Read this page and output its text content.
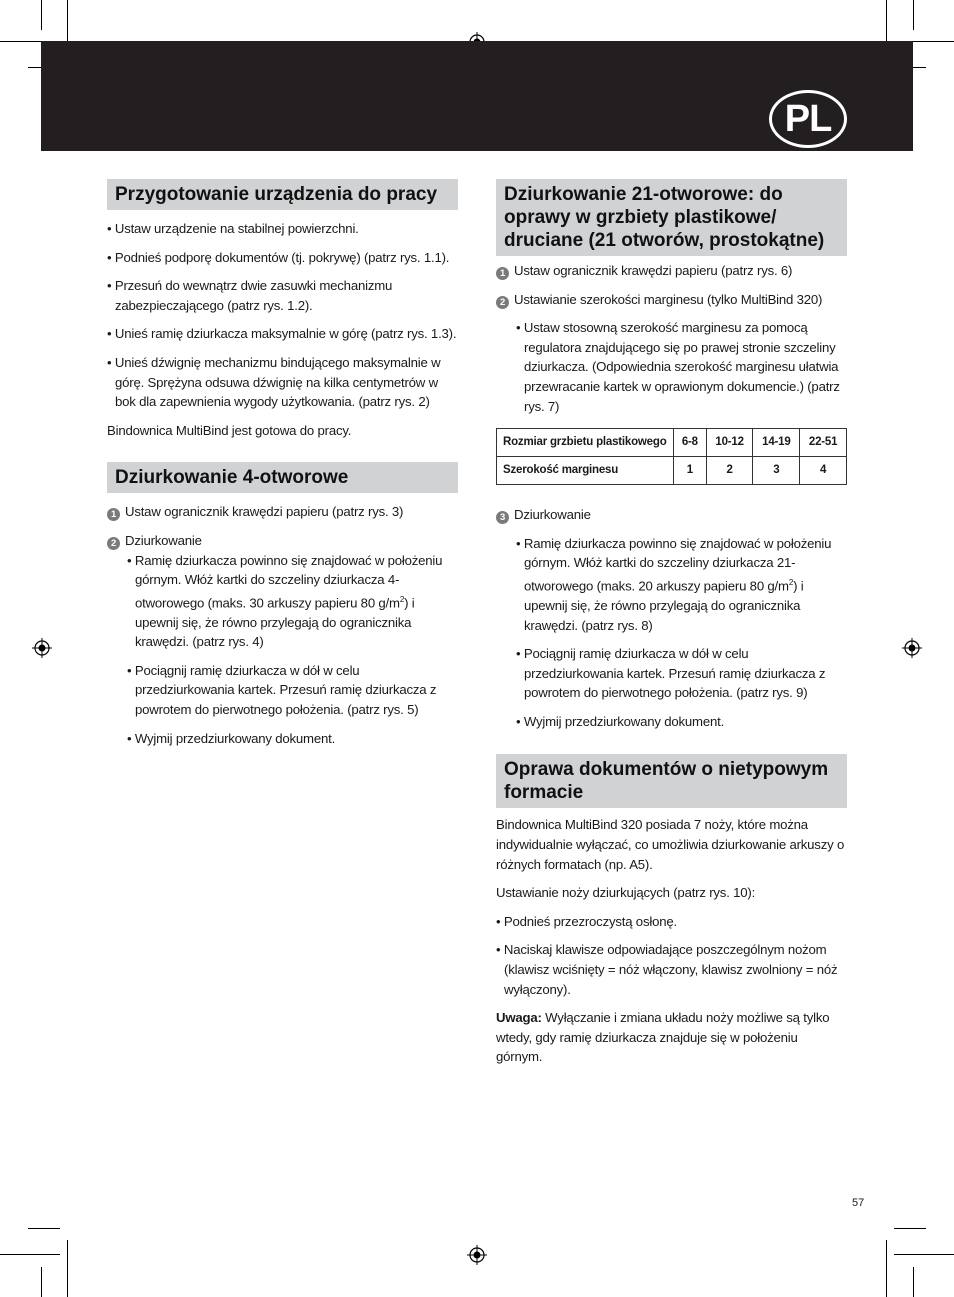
PL
Przygotowanie urządzenia do pracy

• Ustaw urządzenie na stabilnej powierzchni.

• Podnieś podporę dokumentów (tj. pokrywę) (patrz rys. 1.1).

• Przesuń do wewnątrz dwie zasuwki mechanizmu zabezpieczającego (patrz rys. 1.2).

• Unieś ramię dziurkacza maksymalnie w górę (patrz rys. 1.3).

• Unieś dźwignię mechanizmu bindującego maksymalnie w górę. Sprężyna odsuwa dźwignię na kilka centymetrów w bok dla zapewnienia wygody użytkowania. (patrz rys. 2)

Bindownica MultiBind jest gotowa do pracy.

Dziurkowanie 4-otworowe

1 Ustaw ogranicznik krawędzi papieru (patrz rys. 3)

2 Dziurkowanie

• Ramię dziurkacza powinno się znajdować w położeniu górnym. Włóż kartki do szczeliny dziurkacza 4-otworowego (maks. 30 arkuszy papieru 80 $g/m^2$) i upewnij się, że równo przylegają do ogranicznika krawędzi. (patrz rys. 4)

• Pociągnij ramię dziurkacza w dół w celu przedziurkowania kartek. Przesuń ramię dziurkacza z powrotem do pierwotnego położenia. (patrz rys. 5)

• Wyjmij przedziurkowany dokument.

Dziurkowanie 21-otworowe: do oprawy w grzbiety plastikowe/ druciane (21 otworów, prostokątne)

1 Ustaw ogranicznik krawędzi papieru (patrz rys. 6)

2 Ustawianie szerokości marginesu (tylko MultiBind 320)

• Ustaw stosowną szerokość marginesu za pomocą regulatora znajdującego się po prawej stronie szczeliny dziurkacza. (Odpowiednia szerokość marginesu ułatwia przewracanie kartek w oprawionym dokumencie.) (patrz rys. 7)

Rozmiar grzbietu plastikowego	6-8	10-12	14-19	22-51
Szerokość marginesu	1	2	3	4

3 Dziurkowanie

• Ramię dziurkacza powinno się znajdować w położeniu górnym. Włóż kartki do szczeliny dziurkacza 21-otworowego (maks. 20 arkuszy papieru 80 $g/m^2$) i upewnij się, że równo przylegają do ogranicznika krawędzi. (patrz rys. 8)

• Pociągnij ramię dziurkacza w dół w celu przedziurkowania kartek. Przesuń ramię dziurkacza z powrotem do pierwotnego położenia. (patrz rys. 9)

• Wyjmij przedziurkowany dokument.

Oprawa dokumentów o nietypowym formacie

Bindownica MultiBind 320 posiada 7 noży, które można indywidualnie wyłączać, co umożliwia dziurkowanie arkuszy o różnych formatach (np. A5).

Ustawianie noży dziurkujących (patrz rys. 10):

• Podnieś przezroczystą osłonę.

• Naciskaj klawisze odpowiadające poszczególnym nożom (klawisz wciśnięty = nóż włączony, klawisz zwolniony = nóż wyłączony).

Uwaga: Wyłączanie i zmiana układu noży możliwe są tylko wtedy, gdy ramię dziurkacza znajduje się w położeniu górnym.

57
